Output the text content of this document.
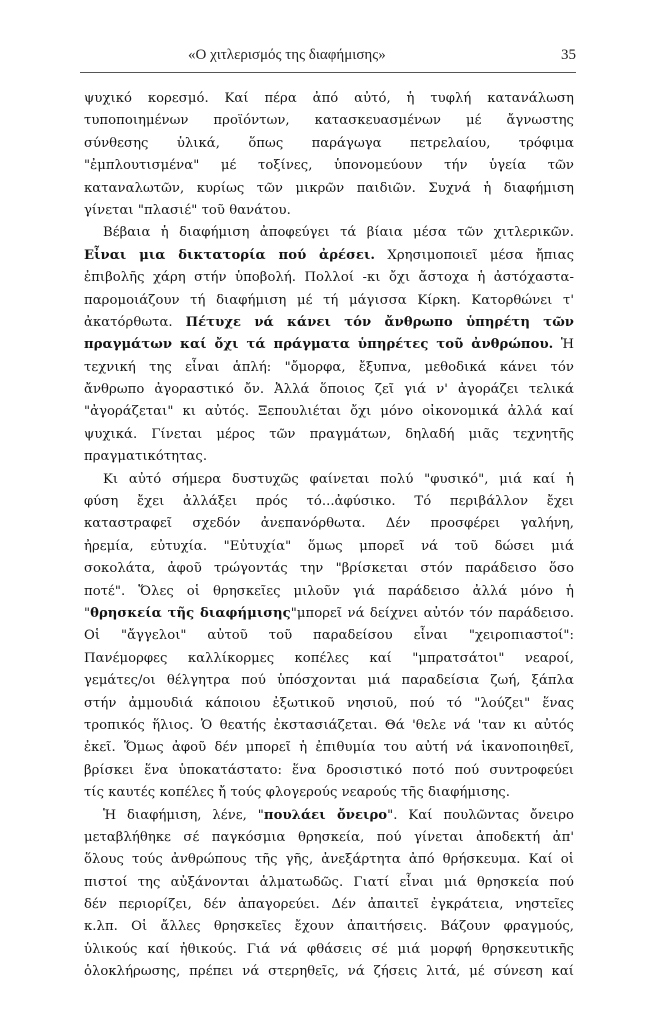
«Ο χιτλερισμός της διαφήμισης»	35
ψυχικό κορεσμό. Καί πέρα ἀπό αὐτό, ἡ τυφλή κατανάλωση
τυποποιημένων προϊόντων, κατασκευασμένων μέ ἄγνωστης
σύνθεσης ὑλικά, ὅπως παράγωγα πετρελαίου, τρόφιμα
"ἐμπλουτισμένα" μέ τοξίνες, ὑπονομεύουν τήν ὑγεία τῶν
καταναλωτῶν, κυρίως τῶν μικρῶν παιδιῶν. Συχνά ἡ διαφήμιση
γίνεται "πλασιέ" τοῦ θανάτου.
Βέβαια ἡ διαφήμιση ἀποφεύγει τά βίαια μέσα τῶν χιτλερικῶν.
Εἶναι μια δικτατορία πού ἀρέσει. Χρησιμοποιεῖ μέσα ἤπιας
ἐπιβολῆς χάρη στήν ὑποβολή. Πολλοί -κι ὄχι ἄστοχα ἡ ἀστόχαστα-
παρομοιάζουν τή διαφήμιση μέ τή μάγισσα Κίρκη. Κατορθώνει τ'
ἀκατόρθωτα. Πέτυχε νά κάνει τόν ἄνθρωπο ὑπηρέτη τῶν
πραγμάτων καί ὄχι τά πράγματα ὑπηρέτες τοῦ ἀνθρώπου. Ἡ
τεχνική της εἶναι ἁπλή: "ὄμορφα, ἔξυπνα, μεθοδικά κάνει τόν
ἄνθρωπο ἀγοραστικό ὄν. Ἀλλά ὅποιος ζεῖ γιά ν' ἀγοράζει τελικά
"ἀγοράζεται" κι αὐτός. Ξεπουλιέται ὄχι μόνο οἰκονομικά ἀλλά καί
ψυχικά. Γίνεται μέρος τῶν πραγμάτων, δηλαδή μιᾶς τεχνητῆς
πραγματικότητας.
Κι αὐτό σήμερα δυστυχῶς φαίνεται πολύ "φυσικό", μιά καί ἡ
φύση ἔχει ἀλλάξει πρός τό...ἀφύσικο. Τό περιβάλλον ἔχει
καταστραφεῖ σχεδόν ἀνεπανόρθωτα. Δέν προσφέρει γαλήνη,
ἠρεμία, εὐτυχία. "Εὐτυχία" ὅμως μπορεῖ νά τοῦ δώσει μιά
σοκολάτα, ἀφοῦ τρώγοντάς την "βρίσκεται στόν παράδεισο ὅσο
ποτέ". Ὅλες οἱ θρησκεῖες μιλοῦν γιά παράδεισο ἀλλά μόνο ἡ
"θρησκεία τῆς διαφήμισης"μπορεῖ νά δείχνει αὐτόν τόν παράδεισο.
Οἱ "ἄγγελοι" αὐτοῦ τοῦ παραδείσου εἶναι "χειροπιαστοί":
Πανέμορφες καλλίκορμες κοπέλες καί "μπρατσάτοι" νεαροί,
γεμάτες/οι θέλγητρα πού ὑπόσχονται μιά παραδείσια ζωή, ξάπλα
στήν ἀμμουδιά κάποιου ἐξωτικοῦ νησιοῦ, πού τό "λούζει" ἕνας
τροπικός ἥλιος. Ὁ θεατής ἐκστασιάζεται. Θά 'θελε νά 'ταν κι αὐτός
ἐκεῖ. Ὅμως ἀφοῦ δέν μπορεῖ ἡ ἐπιθυμία του αὐτή νά ἱκανοποιηθεῖ,
βρίσκει ἕνα ὑποκατάστατο: ἕνα δροσιστικό ποτό πού συντροφεύει
τίς καυτές κοπέλες ἤ τούς φλογερούς νεαρούς τῆς διαφήμισης.
Ἡ διαφήμιση, λένε, "πουλάει ὄνειρο". Καί πουλῶντας ὄνειρο
μεταβλήθηκε σέ παγκόσμια θρησκεία, πού γίνεται ἀποδεκτή ἀπ'
ὅλους τούς ἀνθρώπους τῆς γῆς, ἀνεξάρτητα ἀπό θρήσκευμα. Καί οἱ
πιστοί της αὐξάνονται ἁλματωδῶς. Γιατί εἶναι μιά θρησκεία πού
δέν περιορίζει, δέν ἀπαγορεύει. Δέν ἀπαιτεῖ ἐγκράτεια, νηστεῖες
κ.λπ. Οἱ ἄλλες θρησκεῖες ἔχουν ἀπαιτήσεις. Βάζουν φραγμούς,
ὑλικούς καί ἠθικούς. Γιά νά φθάσεις σέ μιά μορφή θρησκευτικῆς
ὁλοκλήρωσης, πρέπει νά στερηθεῖς, νά ζήσεις λιτά, μέ σύνεση καί
